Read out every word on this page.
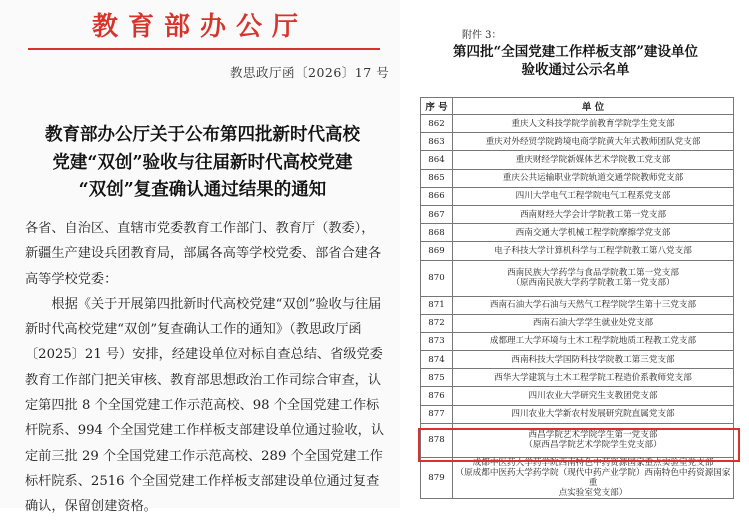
教育部办公厅
教思政厅函〔2026〕17 号
教育部办公厅关于公布第四批新时代高校
党建“双创”验收与往届新时代高校党建
“双创”复查确认通过结果的通知

各省、自治区、直辖市党委教育工作部门、教育厅（教委），新疆生产建设兵团教育局，部属各高等学校党委、部省合建各高等学校党委：

根据《关于开展第四批新时代高校党建“双创”验收与往届新时代高校党建“双创”复查确认工作的通知》（教思政厅函〔2025〕21 号）安排，经建设单位对标自查总结、省级党委教育工作部门把关审核、教育部思想政治工作司综合审查，认定第四批 8 个全国党建工作示范高校、98 个全国党建工作标杆院系、994 个全国党建工作样板支部建设单位通过验收，认定前三批 29 个全国党建工作示范高校、289 个全国党建工作标杆院系、2516 个全国党建工作样板支部建设单位通过复查确认，保留创建资格。

附件 3：
第四批“全国党建工作样板支部”建设单位
验收通过公示名单
序 号	单 位
862	重庆人文科技学院学前教育学院学生党支部
863	重庆对外经贸学院跨境电商学院黄大年式教师团队党支部
864	重庆财经学院新媒体艺术学院教工党支部
865	重庆公共运输职业学院轨道交通学院教师党支部
866	四川大学电气工程学院电气工程系党支部
867	西南财经大学会计学院教工第一党支部
868	西南交通大学机械工程学院摩擦学党支部
869	电子科技大学计算机科学与工程学院教工第八党支部
870	西南民族大学药学与食品学院教工第一党支部
（原西南民族大学药学院教工第一党支部）

871	西南石油大学石油与天然气工程学院学生第十三党支部
872	西南石油大学学生就业处党支部
873	成都理工大学环境与土木工程学院地质工程教工党支部
874	西南科技大学国防科技学院教工第三党支部
875	西华大学建筑与土木工程学院工程造价系教师党支部
876	四川农业大学研究生支教团党支部
877	四川农业大学新农村发展研究院直属党支部
878	西昌学院艺术学院学生第一党支部
（原西昌学院艺术学院学生党支部）

879	成都中医药大学药学院西南特色中药资源国家重点实验室党支部
（原成都中医药大学药学院（现代中药产业学院）西南特色中药资源国家重
点实验室党支部）
